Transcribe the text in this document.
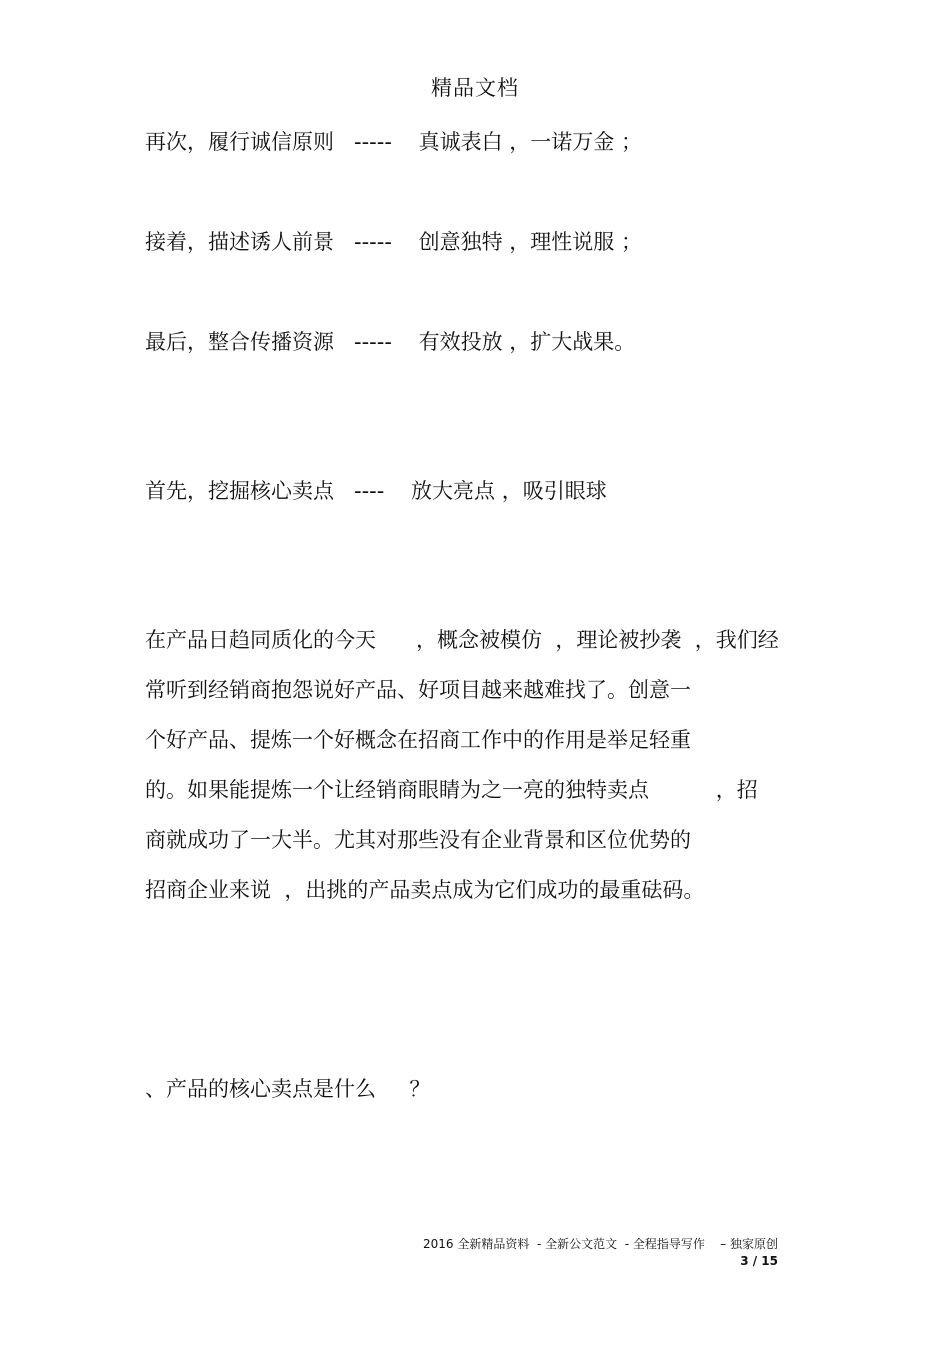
精品文档
再次，履行诚信原则   -----    真诚表白 ，一诺万金 ；
接着，描述诱人前景   -----    创意独特 ，理性说服 ；
最后，整合传播资源   -----    有效投放 ，扩大战果。
首先，挖掘核心卖点   ----    放大亮点 ，吸引眼球
在产品日趋同质化的今天      ，概念被模仿  ，理论被抄袭  ，我们经
常听到经销商抱怨说好产品、好项目越来越难找了。创意一
个好产品、提炼一个好概念在招商工作中的作用是举足轻重
的。如果能提炼一个让经销商眼睛为之一亮的独特卖点          ，招
商就成功了一大半。尤其对那些没有企业背景和区位优势的
招商企业来说  ，出挑的产品卖点成为它们成功的最重砝码。
、产品的核心卖点是什么     ？
2016 全新精品资料  - 全新公文范文  - 全程指导写作    – 独家原创
3 / 15
